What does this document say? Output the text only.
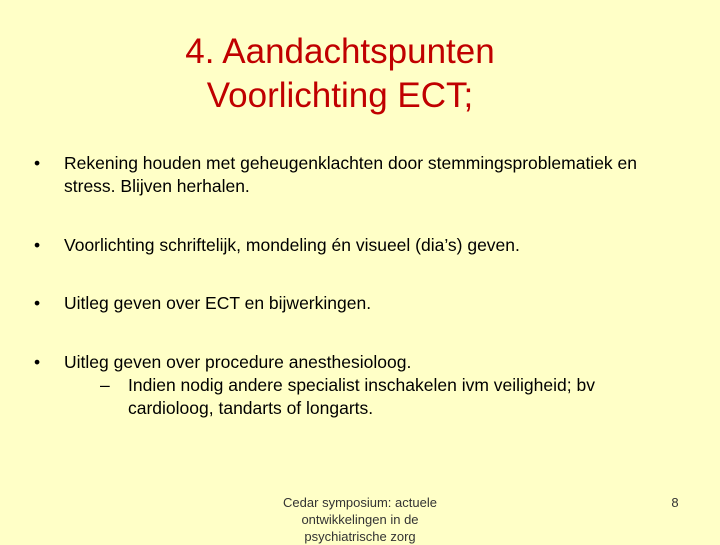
4. Aandachtspunten
Voorlichting ECT;
• Rekening houden met geheugenklachten door stemmingsproblematiek en stress. Blijven herhalen.
• Voorlichting schriftelijk, mondeling én visueel (dia’s) geven.
• Uitleg geven over ECT en bijwerkingen.
• Uitleg geven over procedure anesthesioloog.
– Indien nodig andere specialist inschakelen ivm veiligheid; bv cardioloog, tandarts of longarts.
Cedar symposium: actuele ontwikkelingen in de psychiatrische zorg
8
